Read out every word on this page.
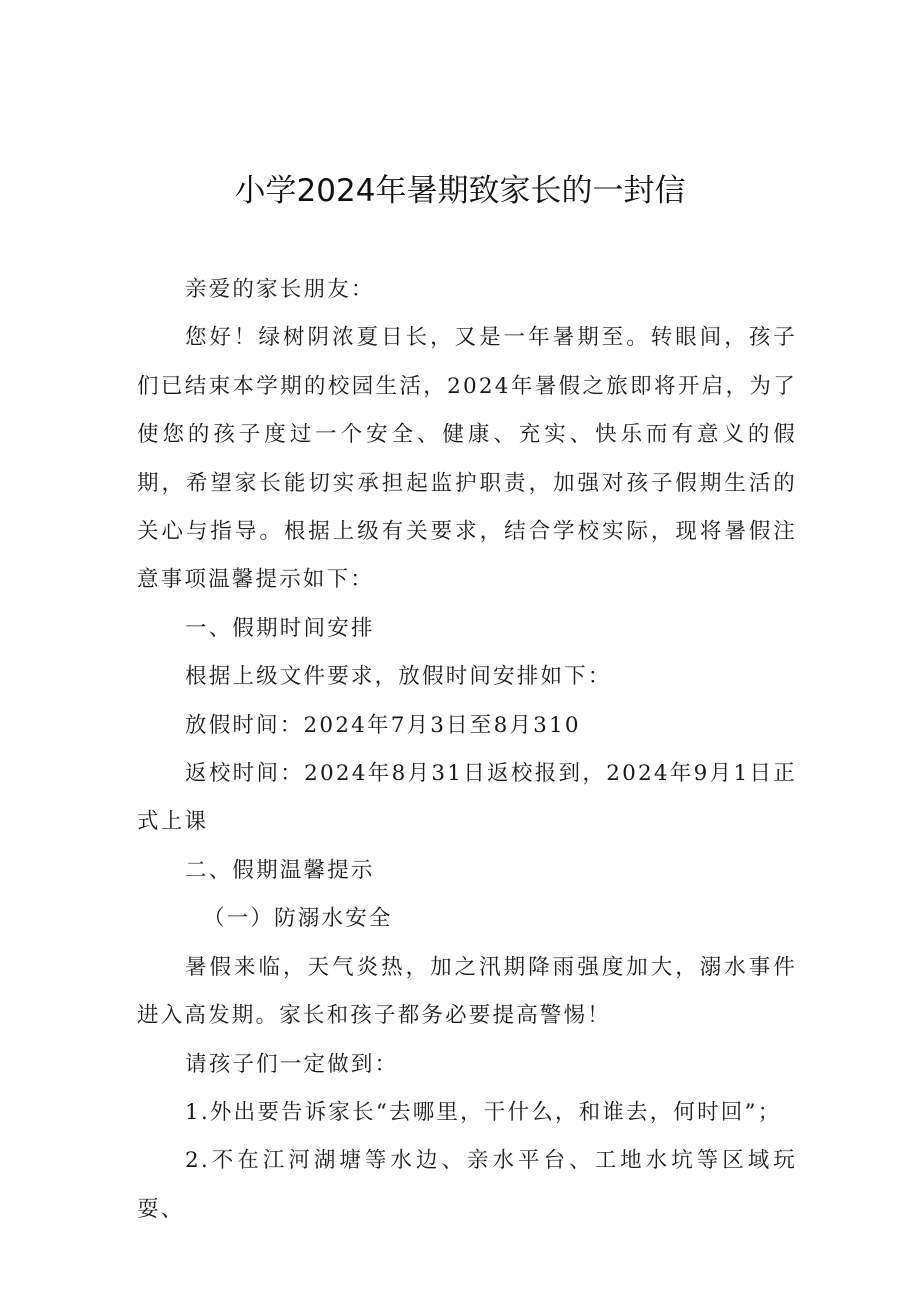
小学2024年暑期致家长的一封信

亲爱的家长朋友：

您好！绿树阴浓夏日长，又是一年暑期至。转眼间，孩子们已结束本学期的校园生活，2024年暑假之旅即将开启，为了使您的孩子度过一个安全、健康、充实、快乐而有意义的假期，希望家长能切实承担起监护职责，加强对孩子假期生活的关心与指导。根据上级有关要求，结合学校实际，现将暑假注意事项温馨提示如下：

一、假期时间安排

根据上级文件要求，放假时间安排如下：

放假时间：2024年7月3日至8月310

返校时间：2024年8月31日返校报到，2024年9月1日正式上课

二、假期温馨提示

（一）防溺水安全

暑假来临，天气炎热，加之汛期降雨强度加大，溺水事件进入高发期。家长和孩子都务必要提高警惕！

请孩子们一定做到：

1.外出要告诉家长“去哪里，干什么，和谁去，何时回”；

2.不在江河湖塘等水边、亲水平台、工地水坑等区域玩耍、
